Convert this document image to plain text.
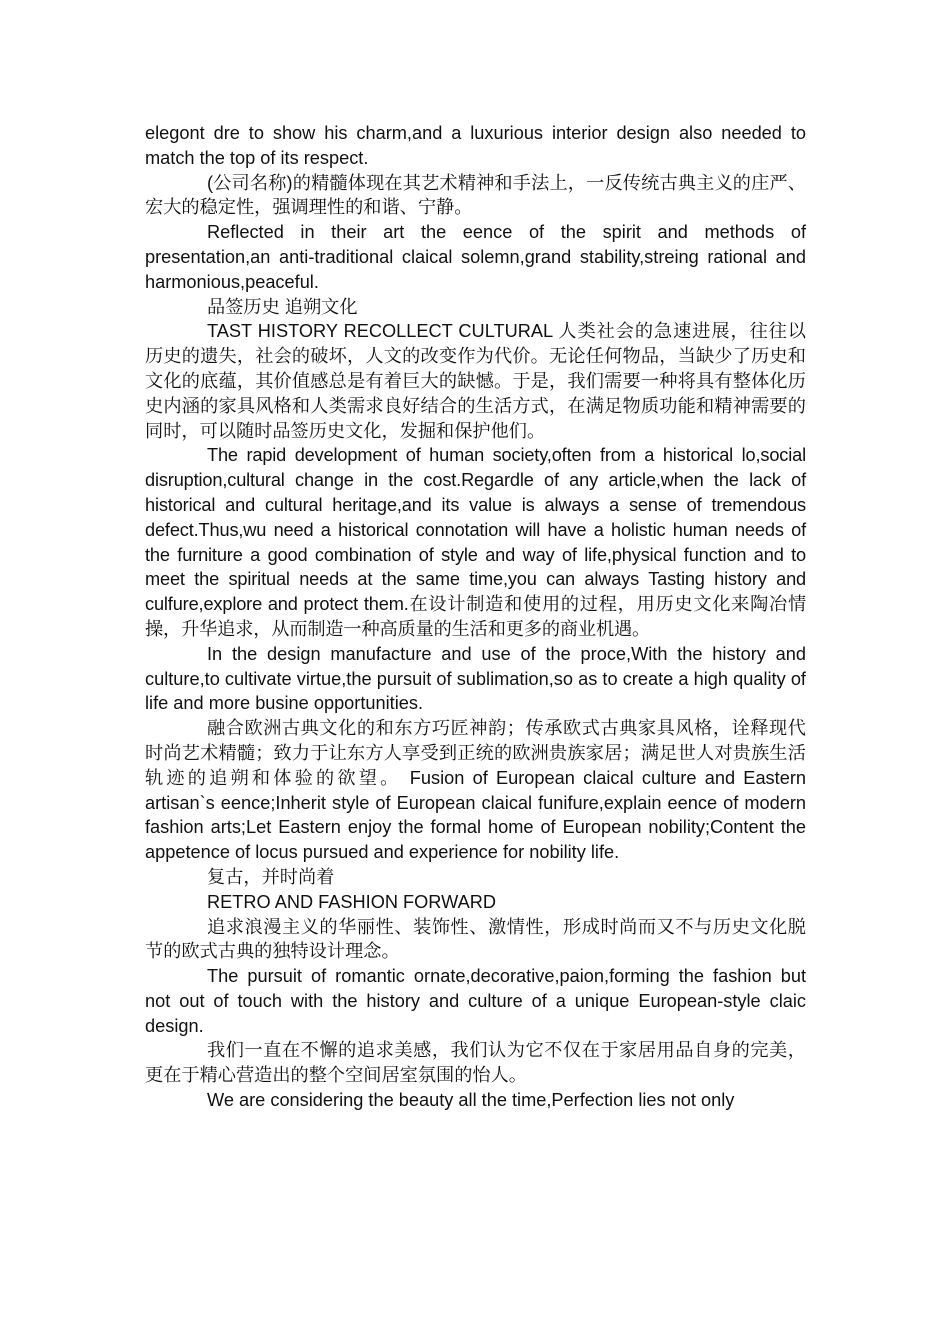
elegont dre to show his charm,and a luxurious interior design also needed to match the top of its respect.

(公司名称)的精髓体现在其艺术精神和手法上，一反传统古典主义的庄严、宏大的稳定性，强调理性的和谐、宁静。

Reflected in their art the eence of the spirit and methods of presentation,an anti-traditional claical solemn,grand stability,streing rational and harmonious,peaceful.

品签历史 追朔文化

TAST HISTORY RECOLLECT CULTURAL 人类社会的急速进展，往往以历史的遗失，社会的破坏，人文的改变作为代价。无论任何物品，当缺少了历史和文化的底蕴，其价值感总是有着巨大的缺憾。于是，我们需要一种将具有整体化历史内涵的家具风格和人类需求良好结合的生活方式，在满足物质功能和精神需要的同时，可以随时品签历史文化，发掘和保护他们。

The rapid development of human society,often from a historical lo,social disruption,cultural change in the cost.Regardle of any article,when the lack of historical and cultural heritage,and its value is always a sense of tremendous defect.Thus,wu need a historical connotation will have a holistic human needs of the furniture a good combination of style and way of life,physical function and to meet the spiritual needs at the same time,you can always Tasting history and culfure,explore and protect them.在设计制造和使用的过程，用历史文化来陶冶情操，升华追求，从而制造一种高质量的生活和更多的商业机遇。

In the design manufacture and use of the proce,With the history and culture,to cultivate virtue,the pursuit of sublimation,so as to create a high quality of life and more busine opportunities.

融合欧洲古典文化的和东方巧匠神韵；传承欧式古典家具风格，诠释现代时尚艺术精髓；致力于让东方人享受到正统的欧洲贵族家居；满足世人对贵族生活轨迹的追朔和体验的欲望。 Fusion of European claical culture and Eastern artisan`s eence;Inherit style of European claical funifure,explain eence of modern fashion arts;Let Eastern enjoy the formal home of European nobility;Content the appetence of locus pursued and experience for nobility life.

复古，并时尚着

RETRO AND FASHION FORWARD

追求浪漫主义的华丽性、装饰性、激情性，形成时尚而又不与历史文化脱节的欧式古典的独特设计理念。

The pursuit of romantic ornate,decorative,paion,forming the fashion but not out of touch with the history and culture of a unique European-style claic design.

我们一直在不懈的追求美感，我们认为它不仅在于家居用品自身的完美，更在于精心营造出的整个空间居室氛围的怡人。

We are considering the beauty all the time,Perfection lies not only
